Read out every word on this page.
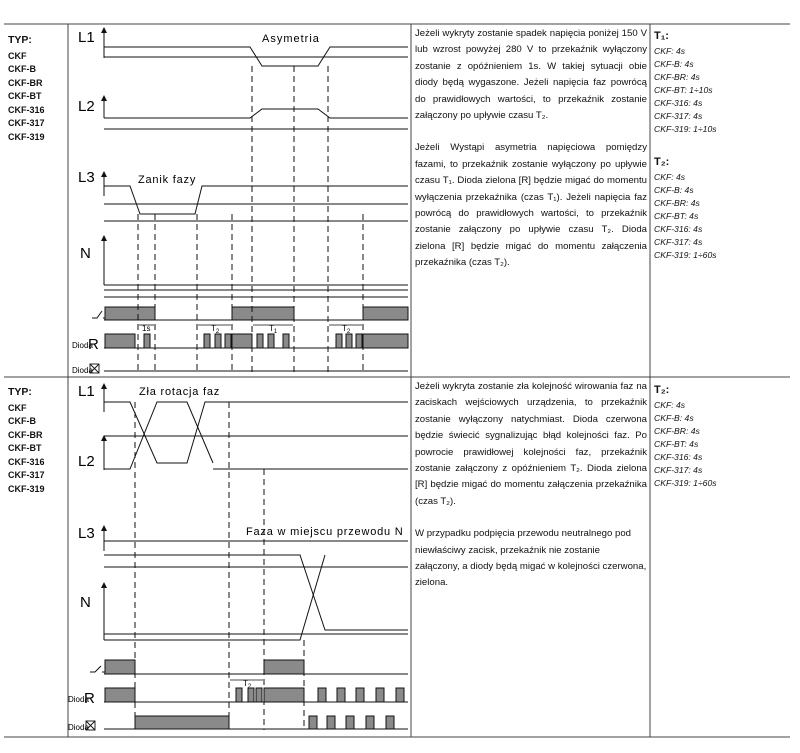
L1
L2
L3
N
Asymetria
Zanik fazy
1s	$T_2$	$T_1$	$T_2$
Dioda
R
Dioda
L1
L2
L3
N
Zła rotacja faz
Faza w miejscu przewodu N
$T_2$
Dioda
R
Dioda
TYP:
CKF
CKF-B
CKF-BR
CKF-BT
CKF-316
CKF-317
CKF-319
TYP:
CKF
CKF-B
CKF-BR
CKF-BT
CKF-316
CKF-317
CKF-319

Jeżeli wykryty zostanie spadek napięcia poniżej 150 V lub wzrost powyżej 280 V to przekaźnik wyłączony zostanie z opóźnieniem 1s. W takiej sytuacji obie diody będą wygaszone. Jeżeli napięcia faz powrócą do prawidłowych wartości, to przekaźnik zostanie załączony po upływie czasu T₂.

Jeżeli Wystąpi asymetria napięciowa pomiędzy fazami, to przekaźnik zostanie wyłączony po upływie czasu T₁. Dioda zielona [R] będzie migać do momentu wyłączenia przekaźnika (czas T₁). Jeżeli napięcia faz powrócą do prawidłowych wartości, to przekaźnik zostanie załączony po upływie czasu T₂. Dioda zielona [R] będzie migać do momentu załączenia przekaźnika (czas T₂).

Jeżeli wykryta zostanie zła kolejność wirowania faz na zaciskach wejściowych urządzenia, to przekaźnik zostanie wyłączony natychmiast. Dioda czerwona będzie świecić sygnalizując błąd kolejności faz. Po powrocie prawidłowej kolejności faz, przekaźnik zostanie załączony z opóźnieniem T₂. Dioda zielona [R] będzie migać do momentu załączenia przekaźnika (czas T₂).

W przypadku podpięcia przewodu neutralnego pod niewłaściwy zacisk, przekaźnik nie zostanie załączony, a diody będą migać w kolejności czerwona, zielona.

T₁:
CKF: 4s
CKF-B: 4s
CKF-BR: 4s
CKF-BT: 1÷10s
CKF-316: 4s
CKF-317: 4s
CKF-319: 1÷10s
T₂:
CKF: 4s
CKF-B: 4s
CKF-BR: 4s
CKF-BT: 4s
CKF-316: 4s
CKF-317: 4s
CKF-319: 1÷60s
T₂:
CKF: 4s
CKF-B: 4s
CKF-BR: 4s
CKF-BT: 4s
CKF-316: 4s
CKF-317: 4s
CKF-319: 1÷60s
